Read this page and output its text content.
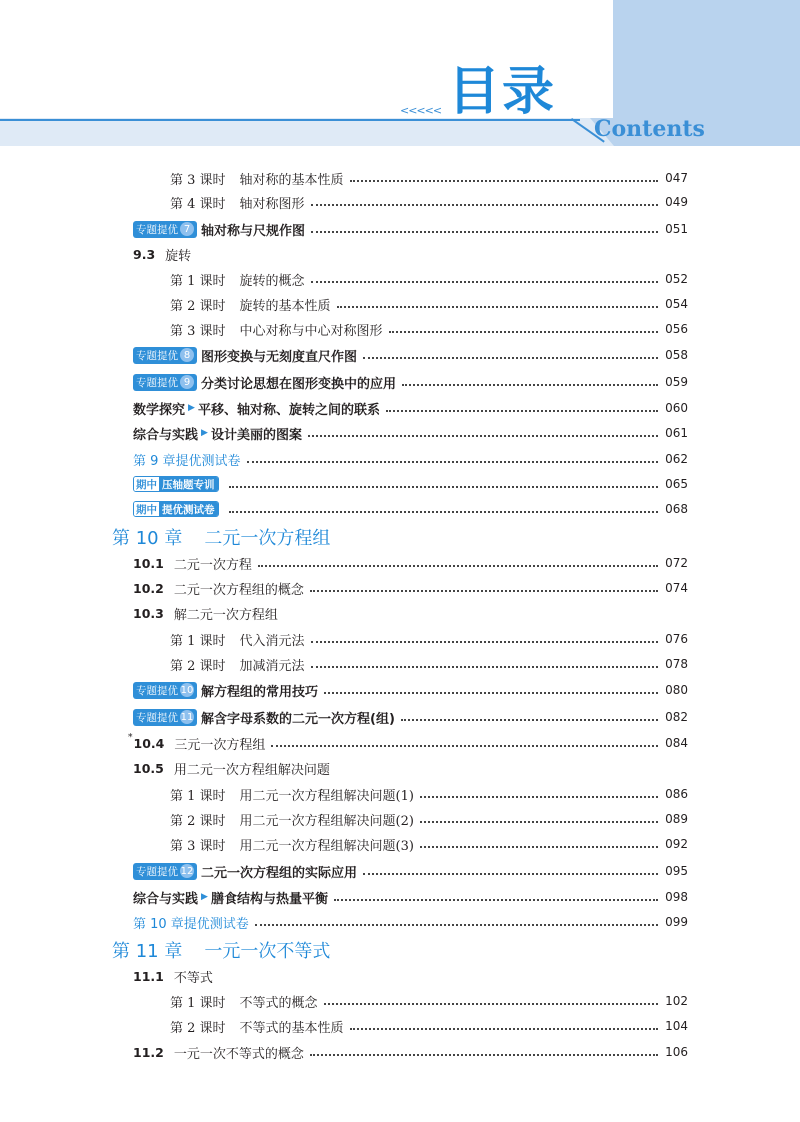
<<<<< 目录
Contents
第 3 课时 轴对称的基本性质	047
第 4 课时 轴对称图形	049
专题提优 7 轴对称与尺规作图	051
9.3 旋转
第 1 课时 旋转的概念	052
第 2 课时 旋转的基本性质	054
第 3 课时 中心对称与中心对称图形	056
专题提优 8 图形变换与无刻度直尺作图	058
专题提优 9 分类讨论思想在图形变换中的应用	059
数学探究 ▶ 平移、轴对称、旋转之间的联系	060
综合与实践 ▶ 设计美丽的图案	061
第 9 章提优测试卷	062
期中 压轴题专训	065
期中 提优测试卷	068
第 10 章 二元一次方程组
10.1 二元一次方程	072
10.2 二元一次方程组的概念	074
10.3 解二元一次方程组
第 1 课时 代入消元法	076
第 2 课时 加减消元法	078
专题提优 10 解方程组的常用技巧	080
专题提优 11 解含字母系数的二元一次方程(组)	082
* 10.4 三元一次方程组	084
10.5 用二元一次方程组解决问题
第 1 课时 用二元一次方程组解决问题(1)	086
第 2 课时 用二元一次方程组解决问题(2)	089
第 3 课时 用二元一次方程组解决问题(3)	092
专题提优 12 二元一次方程组的实际应用	095
综合与实践 ▶ 膳食结构与热量平衡	098
第 10 章提优测试卷	099
第 11 章 一元一次不等式
11.1 不等式
第 1 课时 不等式的概念	102
第 2 课时 不等式的基本性质	104
11.2 一元一次不等式的概念	106
